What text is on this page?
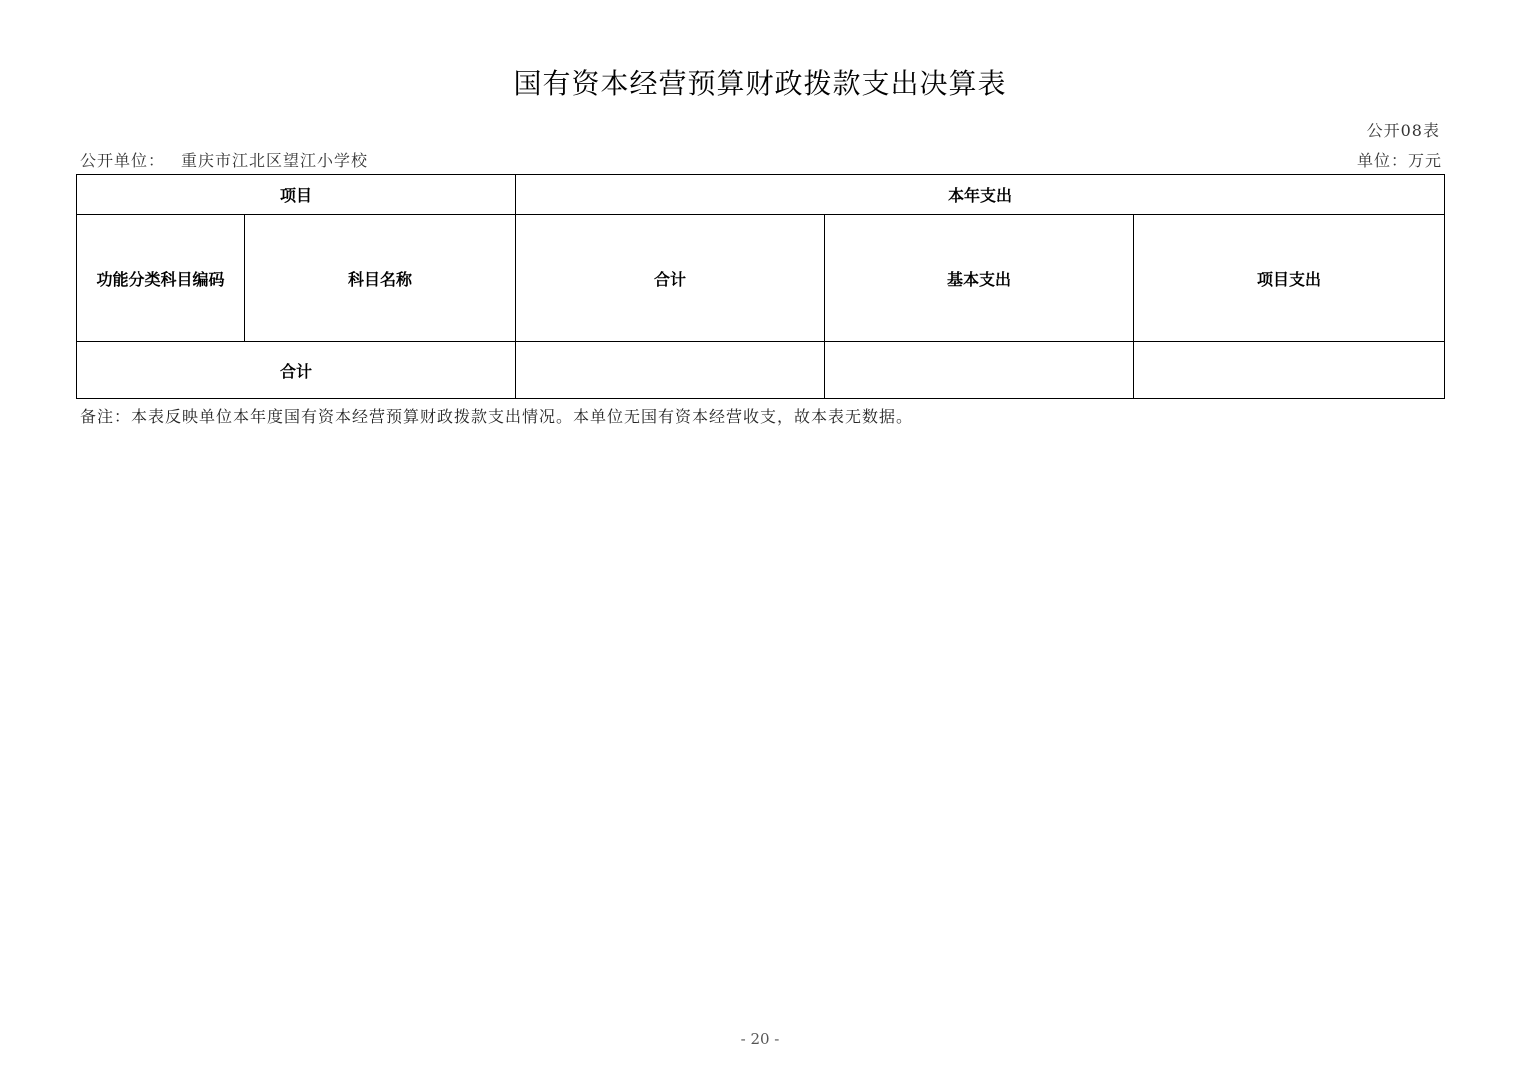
国有资本经营预算财政拨款支出决算表
公开08表
公开单位： 重庆市江北区望江小学校	单位：万元
项目		本年支出		
功能分类科目编码	科目名称	合计	基本支出	项目支出
合计				
备注：本表反映单位本年度国有资本经营预算财政拨款支出情况。本单位无国有资本经营收支，故本表无数据。
- 20 -
